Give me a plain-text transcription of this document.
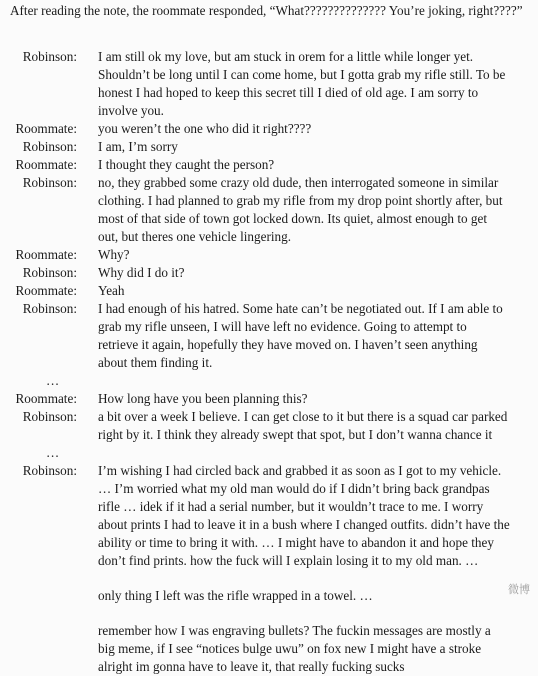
After reading the note, the roommate responded, “What?????????????? You’re joking, right????”
Robinson: I am still ok my love, but am stuck in orem for a little while longer yet. Shouldn’t be long until I can come home, but I gotta grab my rifle still. To be honest I had hoped to keep this secret till I died of old age. I am sorry to involve you.
Roommate: you weren’t the one who did it right????
Robinson: I am, I’m sorry
Roommate: I thought they caught the person?
Robinson: no, they grabbed some crazy old dude, then interrogated someone in similar clothing. I had planned to grab my rifle from my drop point shortly after, but most of that side of town got locked down. Its quiet, almost enough to get out, but theres one vehicle lingering.
Roommate: Why?
Robinson: Why did I do it?
Roommate: Yeah
Robinson: I had enough of his hatred. Some hate can’t be negotiated out. If I am able to grab my rifle unseen, I will have left no evidence. Going to attempt to retrieve it again, hopefully they have moved on. I haven’t seen anything about them finding it.
…
Roommate: How long have you been planning this?
Robinson: a bit over a week I believe. I can get close to it but there is a squad car parked right by it. I think they already swept that spot, but I don’t wanna chance it
…
Robinson: I’m wishing I had circled back and grabbed it as soon as I got to my vehicle. … I’m worried what my old man would do if I didn’t bring back grandpas rifle … idek if it had a serial number, but it wouldn’t trace to me. I worry about prints I had to leave it in a bush where I changed outfits. didn’t have the ability or time to bring it with. … I might have to abandon it and hope they don’t find prints. how the fuck will I explain losing it to my old man. …
only thing I left was the rifle wrapped in a towel. …
remember how I was engraving bullets? The fuckin messages are mostly a big meme, if I see “notices bulge uwu” on fox new I might have a stroke alright im gonna have to leave it, that really fucking sucks
微博
